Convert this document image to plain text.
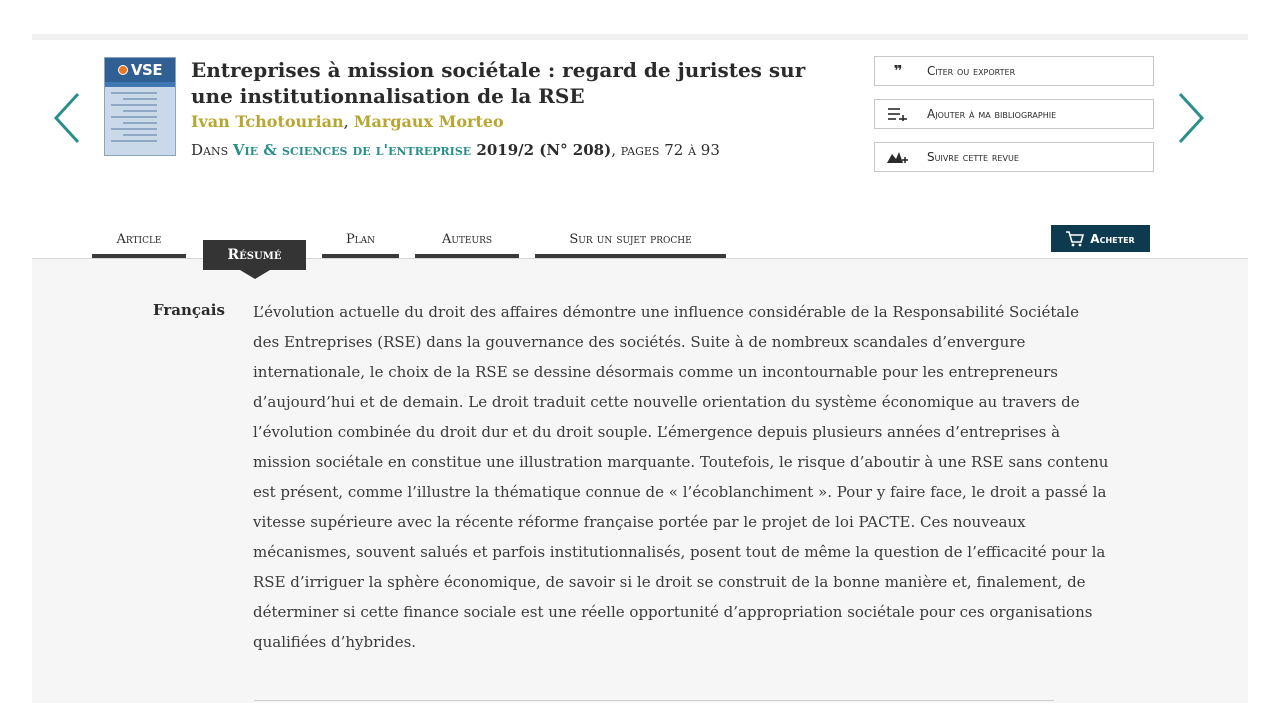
VSE Entreprises à mission sociétale : regard de juristes sur une institutionnalisation de la RSE
Ivan Tchotourian, Margaux Morteo
Dans Vie & sciences de l'entreprise 2019/2 (N° 208), pages 72 à 93
❞	Citer ou exporter
Ajouter à ma bibliographie
Suivre cette revue
Article
Résumé
Plan	Auteurs	Sur un sujet proche	Acheter
Français L’évolution actuelle du droit des affaires démontre une influence considérable de la Responsabilité Sociétale des Entreprises (RSE) dans la gouvernance des sociétés. Suite à de nombreux scandales d’envergure internationale, le choix de la RSE se dessine désormais comme un incontournable pour les entrepreneurs d’aujourd’hui et de demain. Le droit traduit cette nouvelle orientation du système économique au travers de l’évolution combinée du droit dur et du droit souple. L’émergence depuis plusieurs années d’entreprises à mission sociétale en constitue une illustration marquante. Toutefois, le risque d’aboutir à une RSE sans contenu est présent, comme l’illustre la thématique connue de « l’écoblanchiment ». Pour y faire face, le droit a passé la vitesse supérieure avec la récente réforme française portée par le projet de loi PACTE. Ces nouveaux mécanismes, souvent salués et parfois institutionnalisés, posent tout de même la question de l’efficacité pour la RSE d’irriguer la sphère économique, de savoir si le droit se construit de la bonne manière et, finalement, de déterminer si cette finance sociale est une réelle opportunité d’appropriation sociétale pour ces organisations qualifiées d’hybrides.
